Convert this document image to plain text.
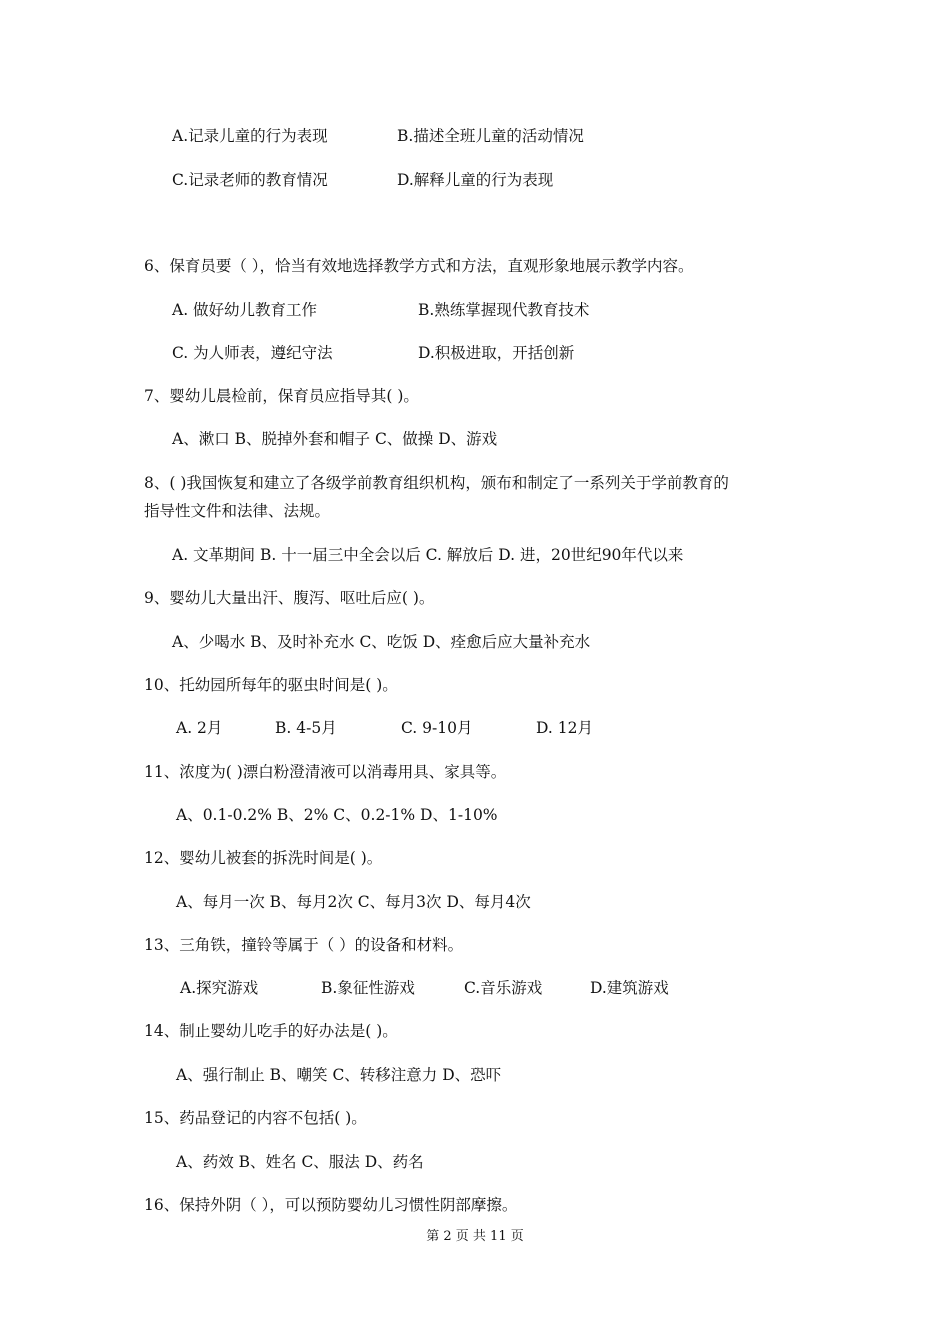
A.记录儿童的行为表现	B.描述全班儿童的活动情况
C.记录老师的教育情况	D.解释儿童的行为表现
6、保育员要（ ），恰当有效地选择教学方式和方法，直观形象地展示教学内容。
A. 做好幼儿教育工作	B.熟练掌握现代教育技术
C. 为人师表，遵纪守法	D.积极进取，开括创新
7、婴幼儿晨检前，保育员应指导其( )。
A、漱口 B、脱掉外套和帽子 C、做操 D、游戏
8、( )我国恢复和建立了各级学前教育组织机构，颁布和制定了一系列关于学前教育的
指导性文件和法律、法规。
A. 文革期间 B. 十一届三中全会以后 C. 解放后 D. 进，20世纪90年代以来
9、婴幼儿大量出汗、腹泻、呕吐后应( )。
A、少喝水 B、及时补充水 C、吃饭 D、痊愈后应大量补充水
10、托幼园所每年的驱虫时间是( )。
A. 2月	B. 4-5月	C. 9-10月	D. 12月
11、浓度为( )漂白粉澄清液可以消毒用具、家具等。
A、0.1-0.2% B、2% C、0.2-1% D、1-10%
12、婴幼儿被套的拆洗时间是( )。
A、每月一次 B、每月2次 C、每月3次 D、每月4次
13、三角铁，撞铃等属于（ ）的设备和材料。
A.探究游戏	B.象征性游戏	C.音乐游戏	D.建筑游戏
14、制止婴幼儿吃手的好办法是( )。
A、强行制止 B、嘲笑 C、转移注意力 D、恐吓
15、药品登记的内容不包括( )。
A、药效 B、姓名 C、服法 D、药名
16、保持外阴（ ），可以预防婴幼儿习惯性阴部摩擦。
第 2 页 共 11 页
